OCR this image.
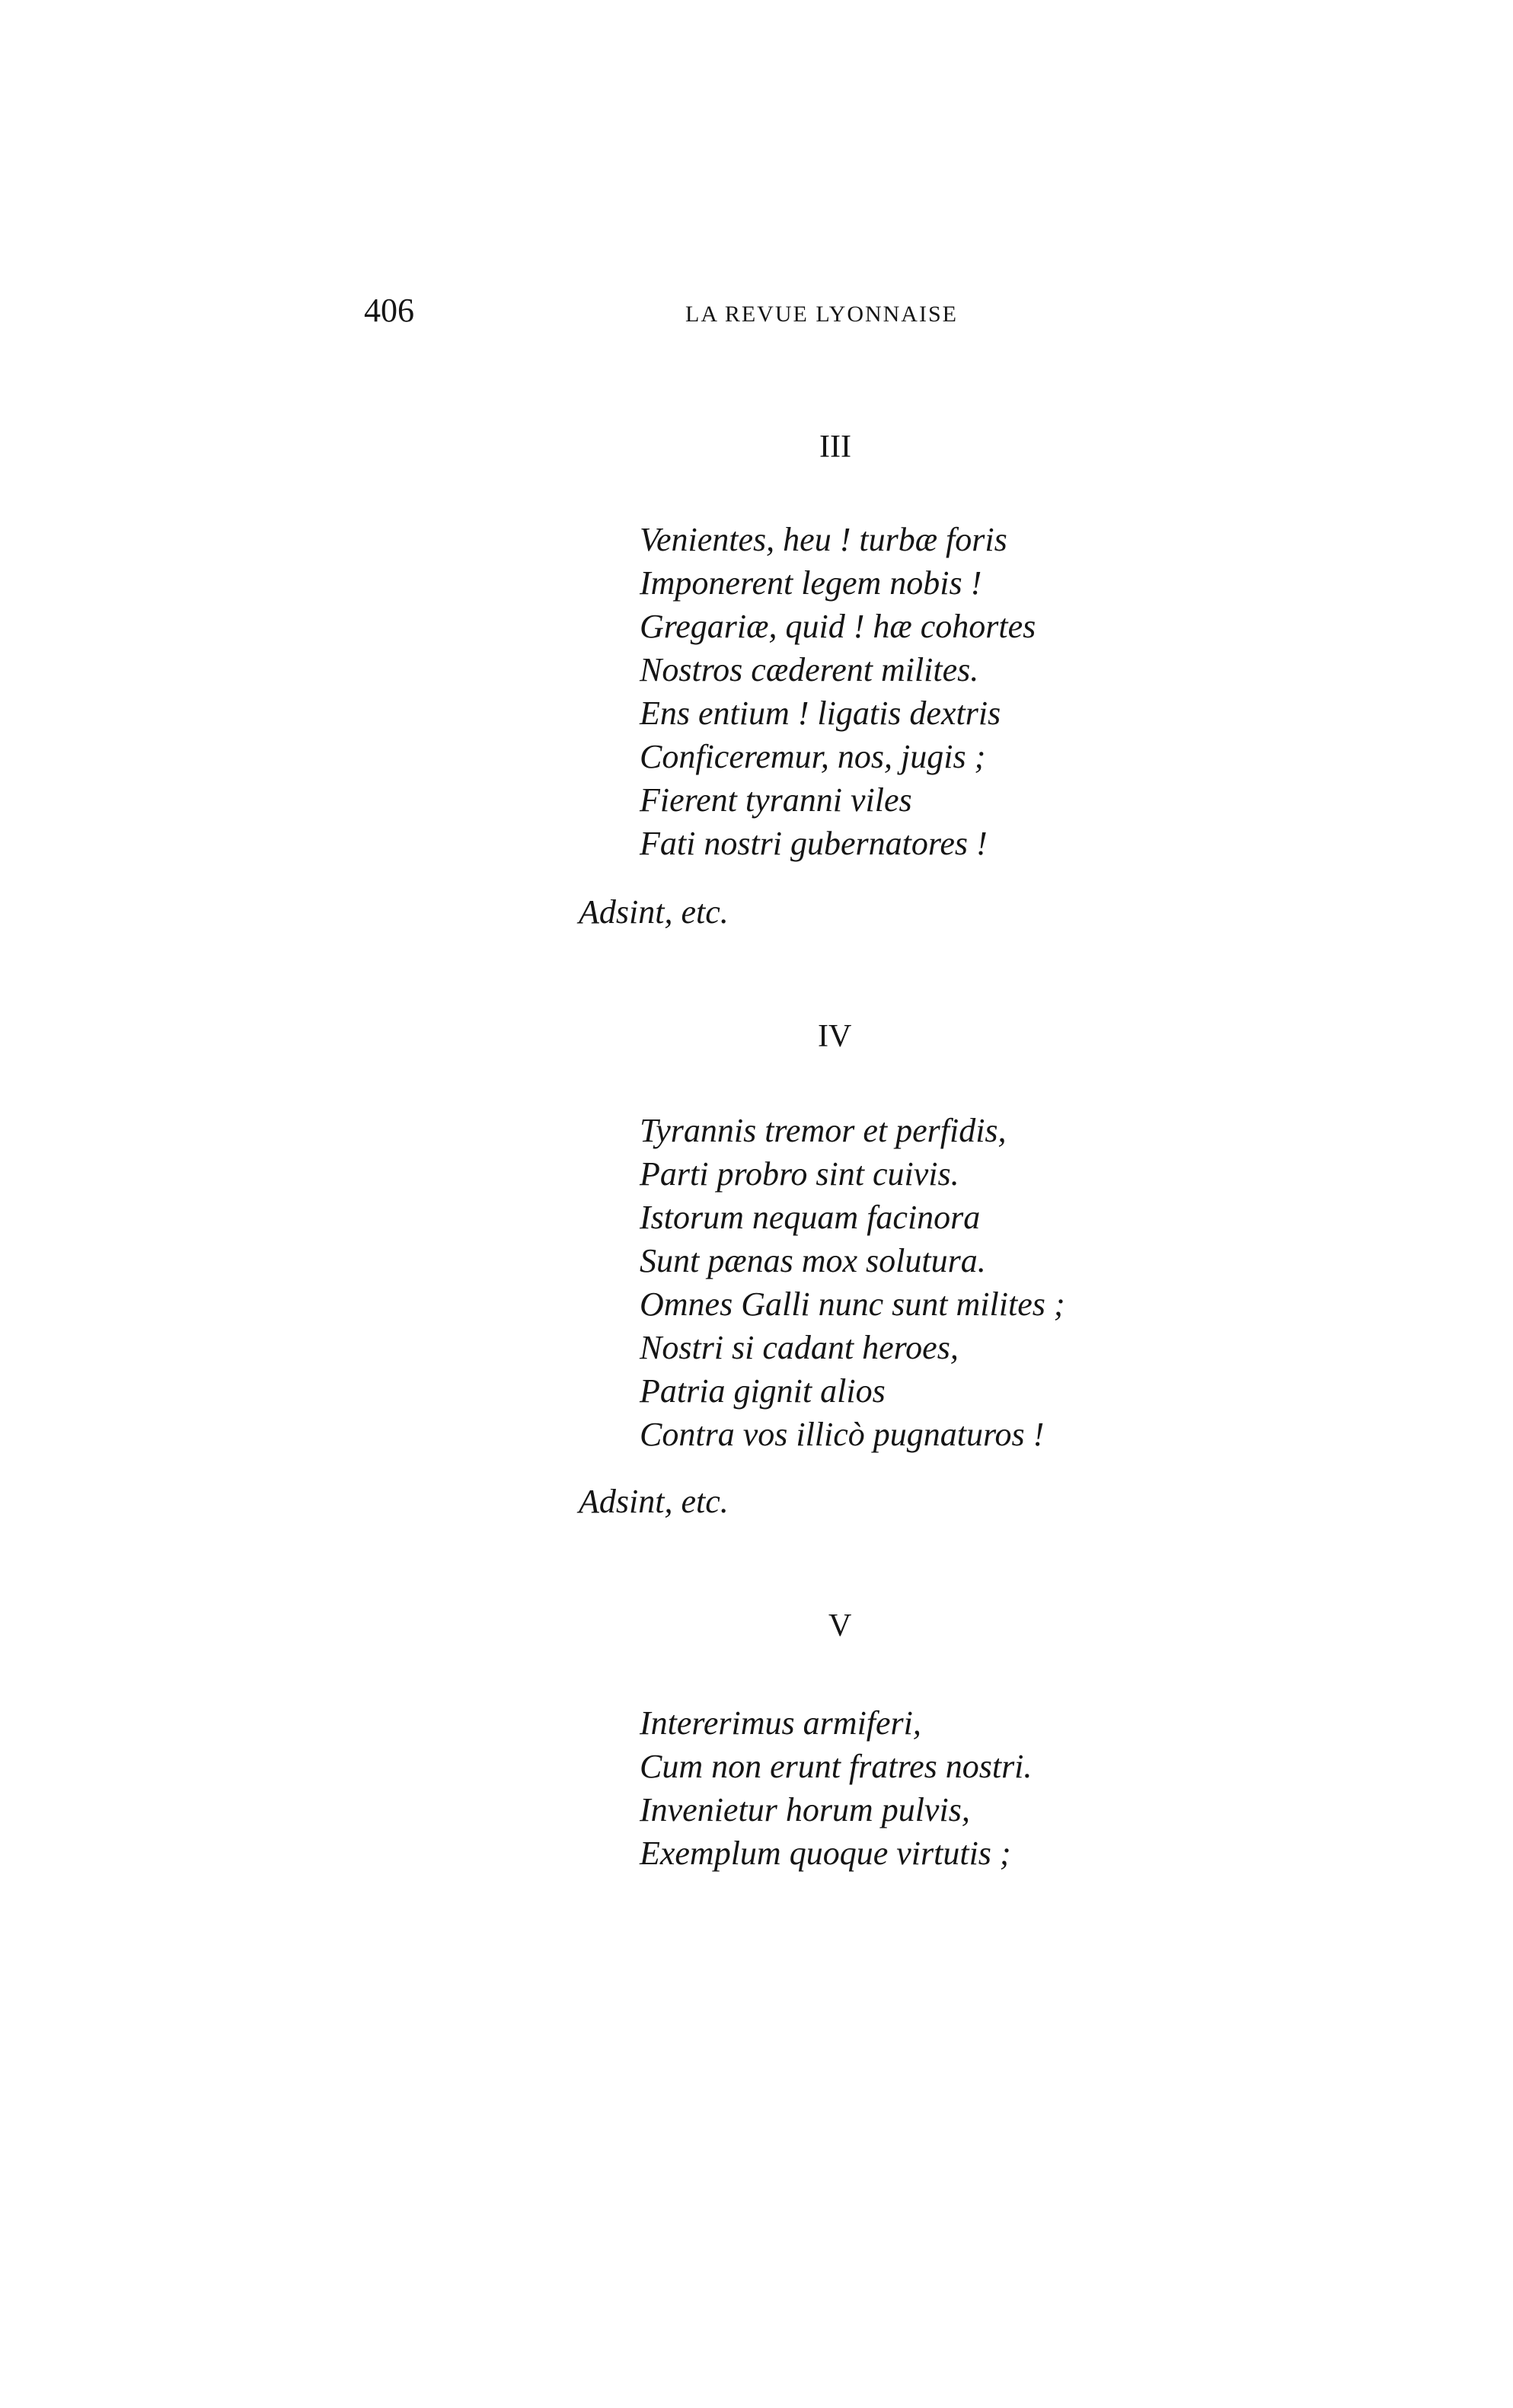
406	LA REVUE LYONNAISE
III
Venientes, heu ! turbæ foris
Imponerent legem nobis !
Gregariæ, quid ! hæ cohortes
Nostros cæderent milites.
Ens entium ! ligatis dextris
Conficeremur, nos, jugis ;
Fierent tyranni viles
Fati nostri gubernatores !
Adsint, etc.
IV
Tyrannis tremor et perfidis,
Parti probro sint cuivis.
Istorum nequam facinora
Sunt pænas mox solutura.
Omnes Galli nunc sunt milites ;
Nostri si cadant heroes,
Patria gignit alios
Contra vos illicò pugnaturos !
Adsint, etc.
V
Intererimus armiferi,
Cum non erunt fratres nostri.
Invenietur horum pulvis,
Exemplum quoque virtutis ;
